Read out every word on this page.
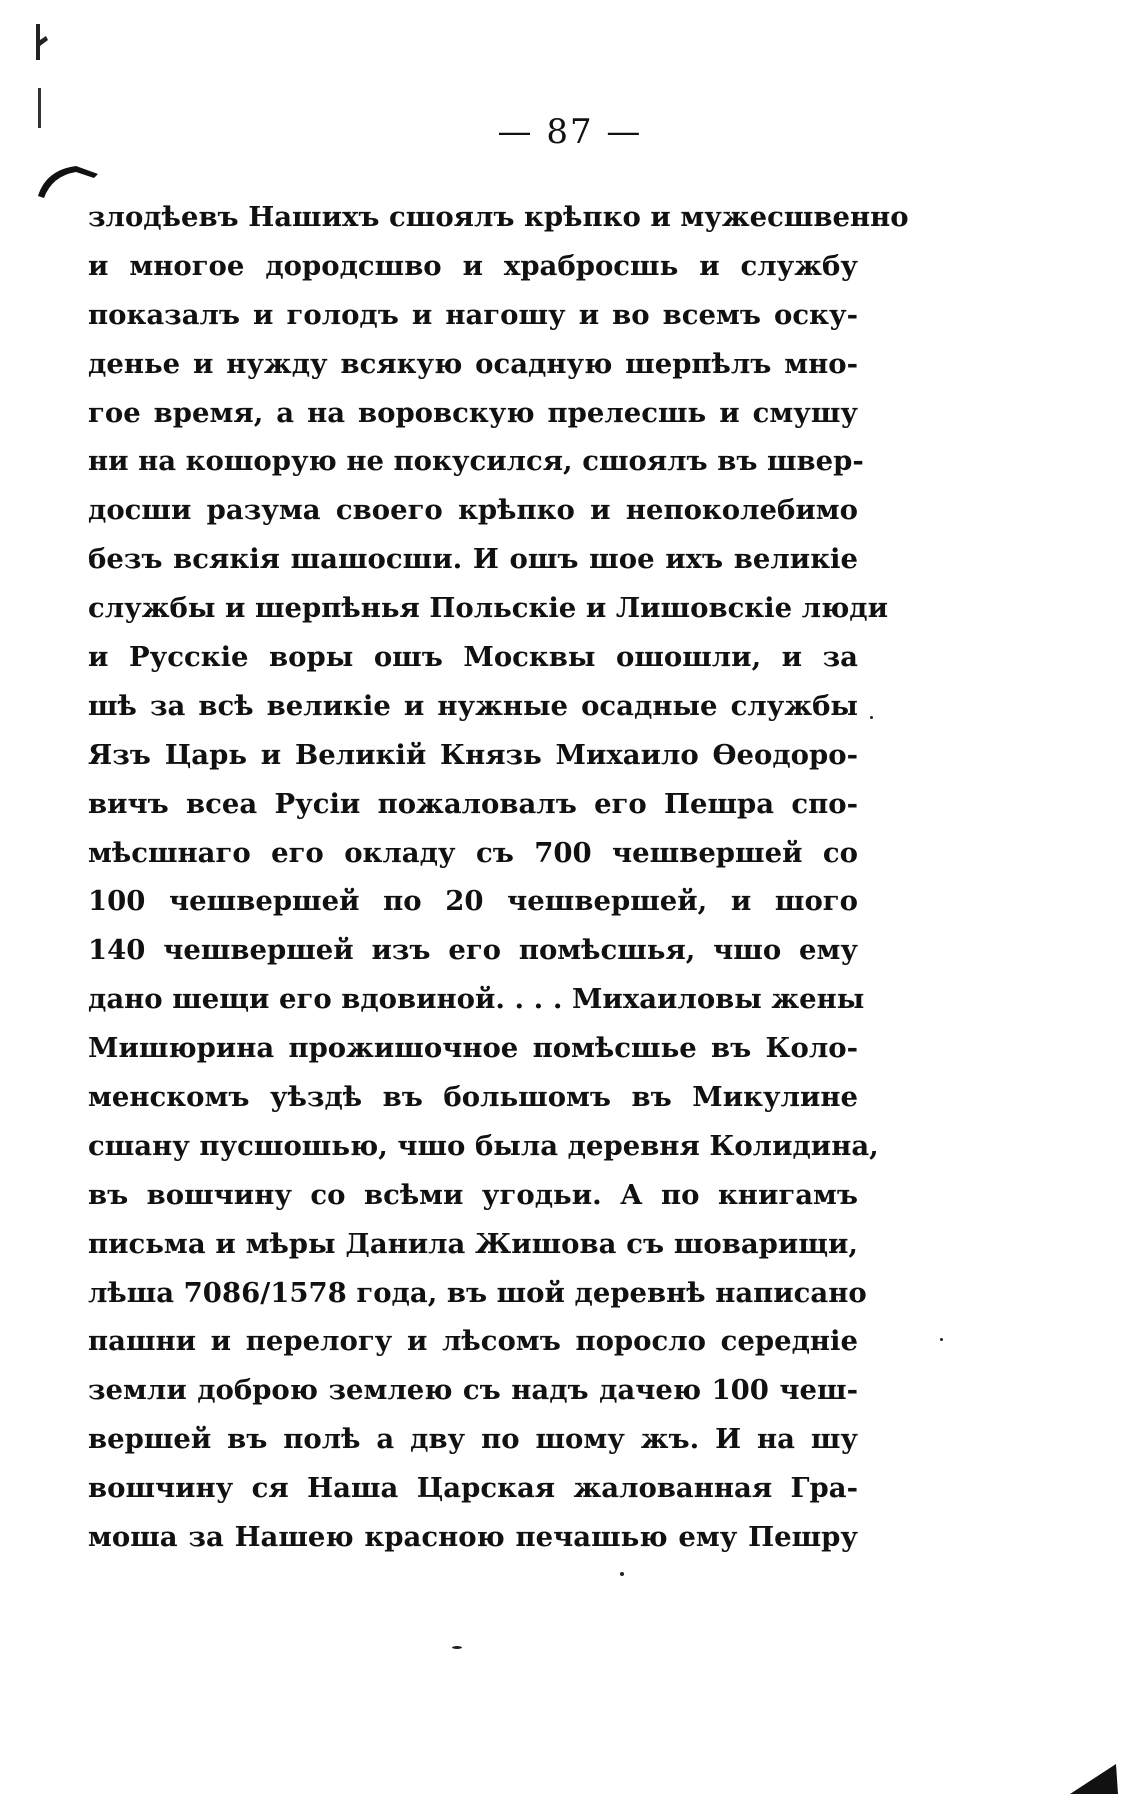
— 87 —
злодѣевъ Нашихъ сшоялъ крѣпко и мужесшвенно
и многое дородсшво и храбросшь и службу
показалъ и голодъ и нагошу и во всемъ оску-
денье и нужду всякую осадную шерпѣлъ мно-
гое время, а на воровскую прелесшь и смушу
ни на кошорую не покусился, сшоялъ въ швер-
досши разума своего крѣпко и непоколебимо
безъ всякія шашосши. И ошъ шое ихъ великіе
службы и шерпѣнья Польскіе и Лишовскіе люди
и Русскіе воры ошъ Москвы ошошли, и за
шѣ за всѣ великіе и нужные осадные службы
Язъ Царь и Великій Князь Михаило Ѳеодоро-
вичъ всеа Русіи пожаловалъ его Пешра спо-
мѣсшнаго его окладу съ 700 чешвершей со
100 чешвершей по 20 чешвершей, и шого
140 чешвершей изъ его помѣсшья, чшо ему
дано шещи его вдовиной. . . . Михаиловы жены
Мишюрина прожишочное помѣсшье въ Коло-
менскомъ уѣздѣ въ большомъ въ Микулине
сшану пусшошью, чшо была деревня Колидина,
въ вошчину со всѣми угодьи. А по книгамъ
письма и мѣры Данила Жишова съ шоварищи,
лѣша 7086/1578 года, въ шой деревнѣ написано
пашни и перелогу и лѣсомъ поросло середніе
земли доброю землею съ надъ дачею 100 чеш-
вершей въ полѣ а дву по шому жъ. И на шу
вошчину ся Наша Царская жалованная Гра-
моша за Нашею красною печашью ему Пешру
